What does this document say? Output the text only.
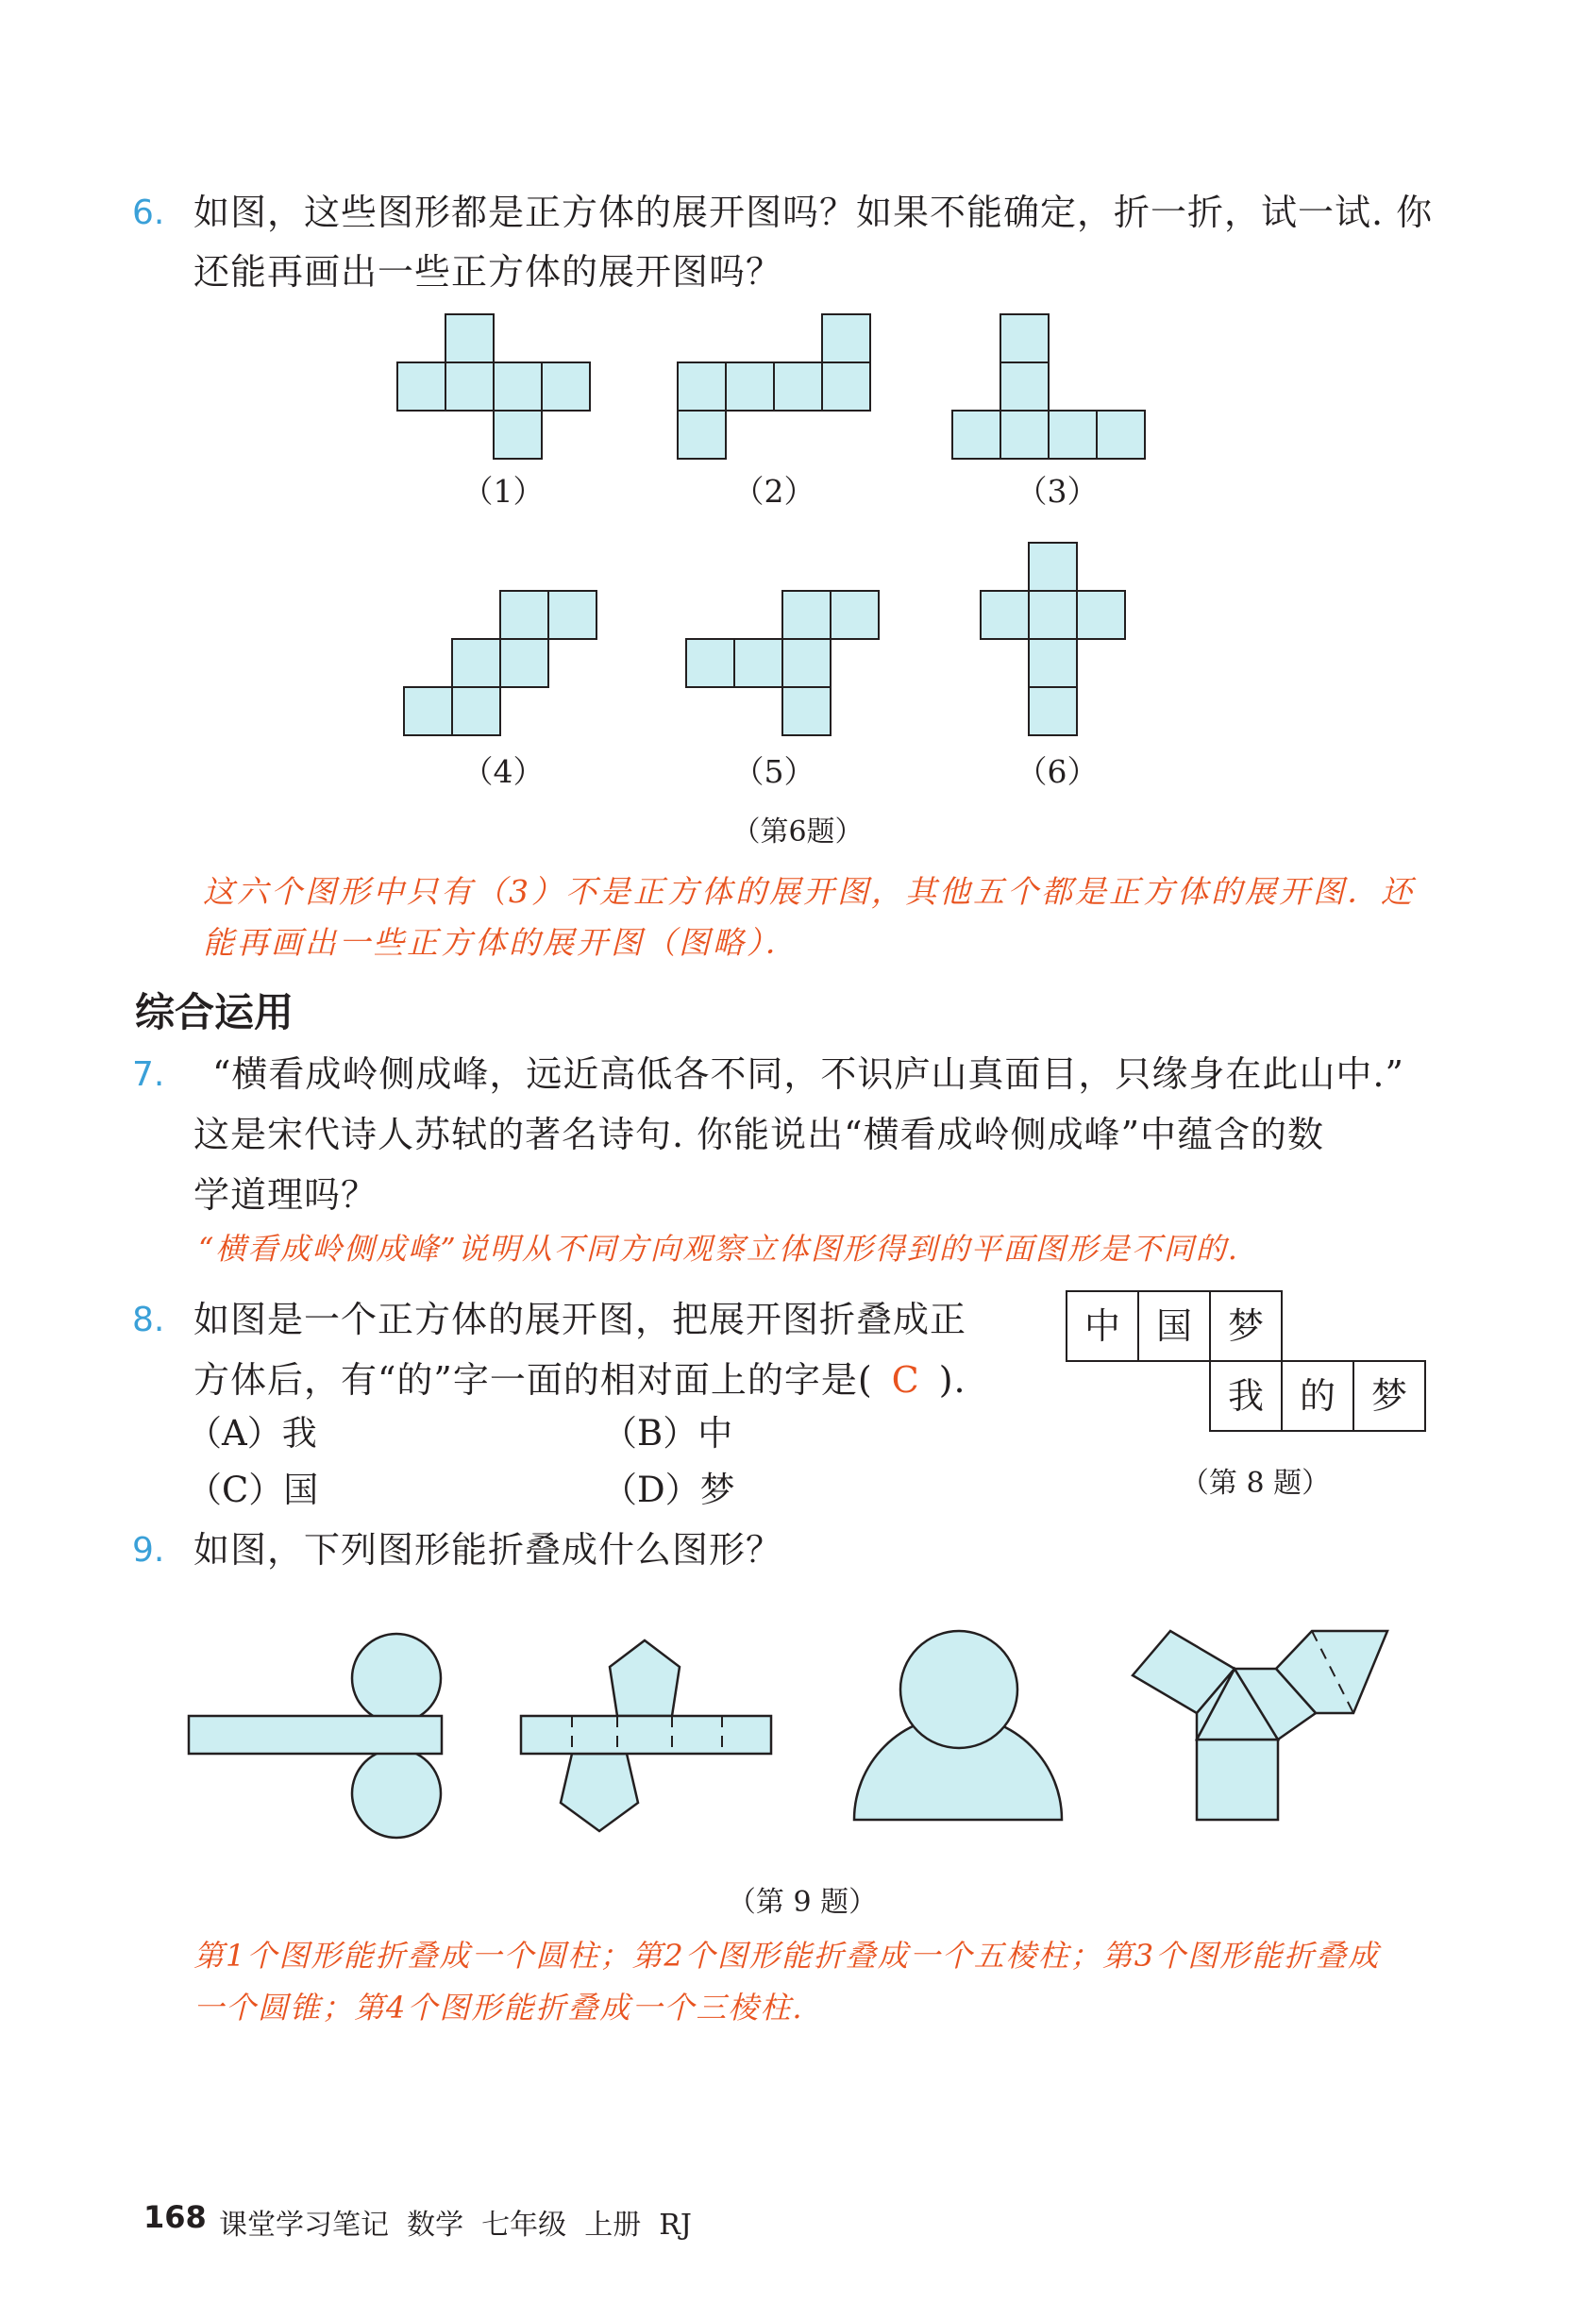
6. 如图，这些图形都是正方体的展开图吗？如果不能确定，折一折，试一试. 你
还能再画出一些正方体的展开图吗？
（1）	（2）	（3）
（4）	（5）	（6）
（第6题）
这六个图形中只有（3）不是正方体的展开图，其他五个都是正方体的展开图．还
能再画出一些正方体的展开图（图略）．
综合运用
7. “横看成岭侧成峰，远近高低各不同，不识庐山真面目，只缘身在此山中.”
这是宋代诗人苏轼的著名诗句. 你能说出“横看成岭侧成峰”中蕴含的数
学道理吗？
“横看成岭侧成峰”说明从不同方向观察立体图形得到的平面图形是不同的.
8. 如图是一个正方体的展开图，把展开图折叠成正
方体后，有“的”字一面的相对面上的字是( C ).
（A）我	（B）中
（C）国	（D）梦
中 国 梦
我 的 梦
（第 8 题）
9. 如图，下列图形能折叠成什么图形？
（第 9 题）
第1个图形能折叠成一个圆柱；第2个图形能折叠成一个五棱柱；第3个图形能折叠成
一个圆锥；第4个图形能折叠成一个三棱柱.
168 课堂学习笔记  数学  七年级  上册  RJ
